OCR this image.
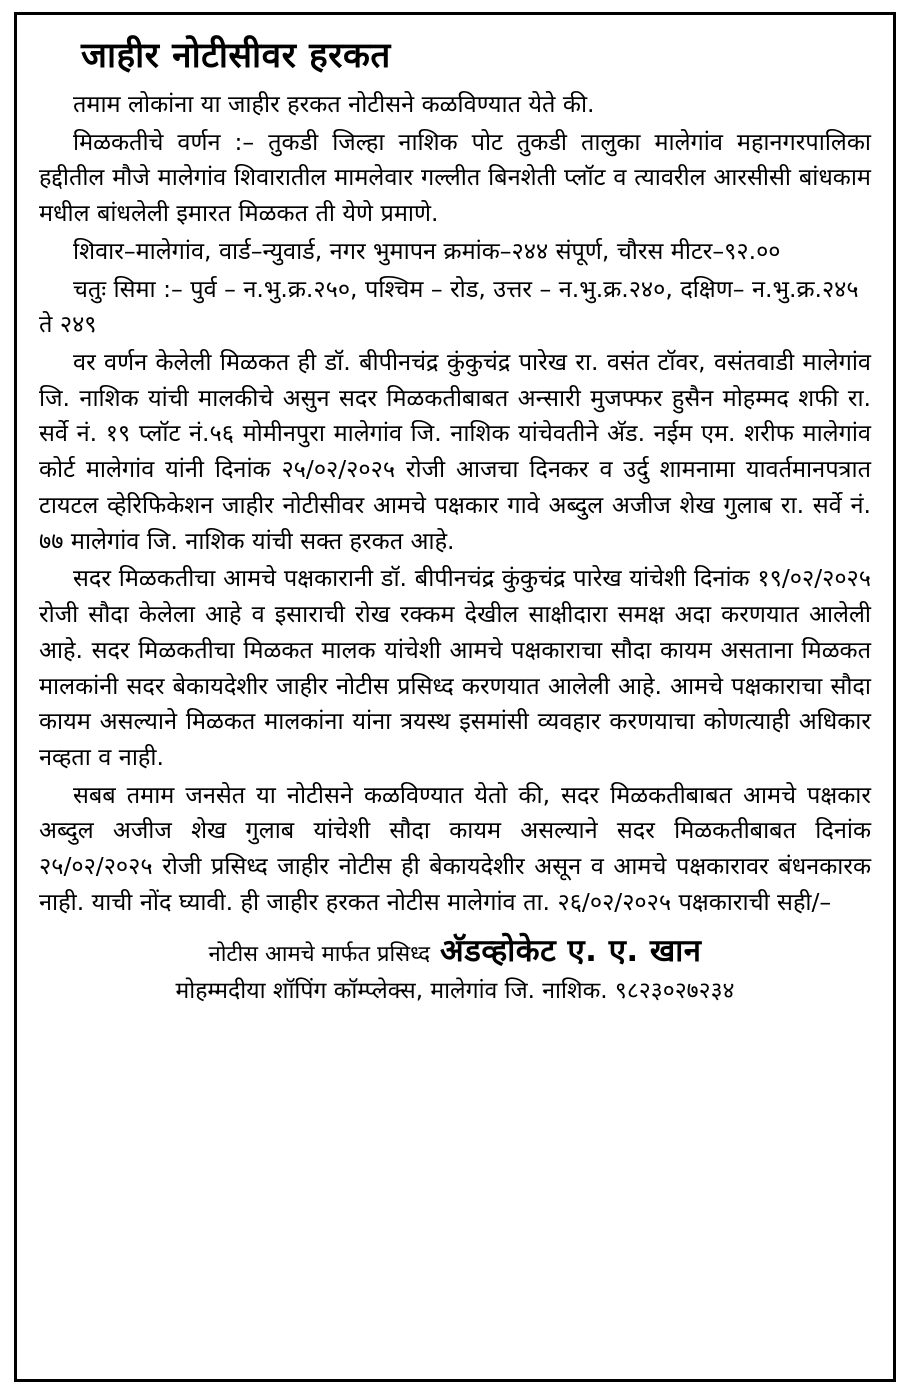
जाहीर नोटीसीवर हरकत

तमाम लोकांना या जाहीर हरकत नोटीसने कळविण्यात येते की.

मिळकतीचे वर्णन :– तुकडी जिल्हा नाशिक पोट तुकडी तालुका मालेगांव महानगरपालिका हद्दीतील मौजे मालेगांव शिवारातील मामलेवार गल्लीत बिनशेती प्लॉट व त्यावरील आरसीसी बांधकाम मधील बांधलेली इमारत मिळकत ती येणे प्रमाणे.

शिवार–मालेगांव, वार्ड–न्युवार्ड, नगर भुमापन क्रमांक–२४४ संपूर्ण, चौरस मीटर–९२.००

चतुः सिमा :– पुर्व – न.भु.क्र.२५०, पश्चिम – रोड, उत्तर – न.भु.क्र.२४०, दक्षिण– न.भु.क्र.२४५ ते २४९

वर वर्णन केलेली मिळकत ही डॉ. बीपीनचंद्र कुंकुचंद्र पारेख रा. वसंत टॉवर, वसंतवाडी मालेगांव जि. नाशिक यांची मालकीचे असुन सदर मिळकतीबाबत अन्सारी मुजफ्फर हुसैन मोहम्मद शफी रा. सर्वे नं. १९ प्लॉट नं.५६ मोमीनपुरा मालेगांव जि. नाशिक यांचेवतीने अ‍ॅड. नईम एम. शरीफ मालेगांव कोर्ट मालेगांव यांनी दिनांक २५/०२/२०२५ रोजी आजचा दिनकर व उर्दु शामनामा यावर्तमानपत्रात टायटल व्हेरिफिकेशन जाहीर नोटीसीवर आमचे पक्षकार गावे अब्दुल अजीज शेख गुलाब रा. सर्वे नं. ७७ मालेगांव जि. नाशिक यांची सक्त हरकत आहे.

सदर मिळकतीचा आमचे पक्षकारानी डॉ. बीपीनचंद्र कुंकुचंद्र पारेख यांचेशी दिनांक १९/०२/२०२५ रोजी सौदा केलेला आहे व इसाराची रोख रक्कम देखील साक्षीदारा समक्ष अदा करणयात आलेली आहे. सदर मिळकतीचा मिळकत मालक यांचेशी आमचे पक्षकाराचा सौदा कायम असताना मिळकत मालकांनी सदर बेकायदेशीर जाहीर नोटीस प्रसिध्द करणयात आलेली आहे. आमचे पक्षकाराचा सौदा कायम असल्याने मिळकत मालकांना यांना त्रयस्थ इसमांसी व्यवहार करणयाचा कोणत्याही अधिकार नव्हता व नाही.

सबब तमाम जनसेत या नोटीसने कळविण्यात येतो की, सदर मिळकतीबाबत आमचे पक्षकार अब्दुल अजीज शेख गुलाब यांचेशी सौदा कायम असल्याने सदर मिळकतीबाबत दिनांक २५/०२/२०२५ रोजी प्रसिध्द जाहीर नोटीस ही बेकायदेशीर असून व आमचे पक्षकारावर बंधनकारक नाही. याची नोंद घ्यावी. ही जाहीर हरकत नोटीस मालेगांव ता. २६/०२/२०२५ पक्षकाराची सही/–

नोटीस आमचे मार्फत प्रसिध्द अ‍ॅडव्होकेट ए. ए. खान
मोहम्मदीया शॉपिंग कॉम्प्लेक्स, मालेगांव जि. नाशिक. ९८२३०२७२३४
